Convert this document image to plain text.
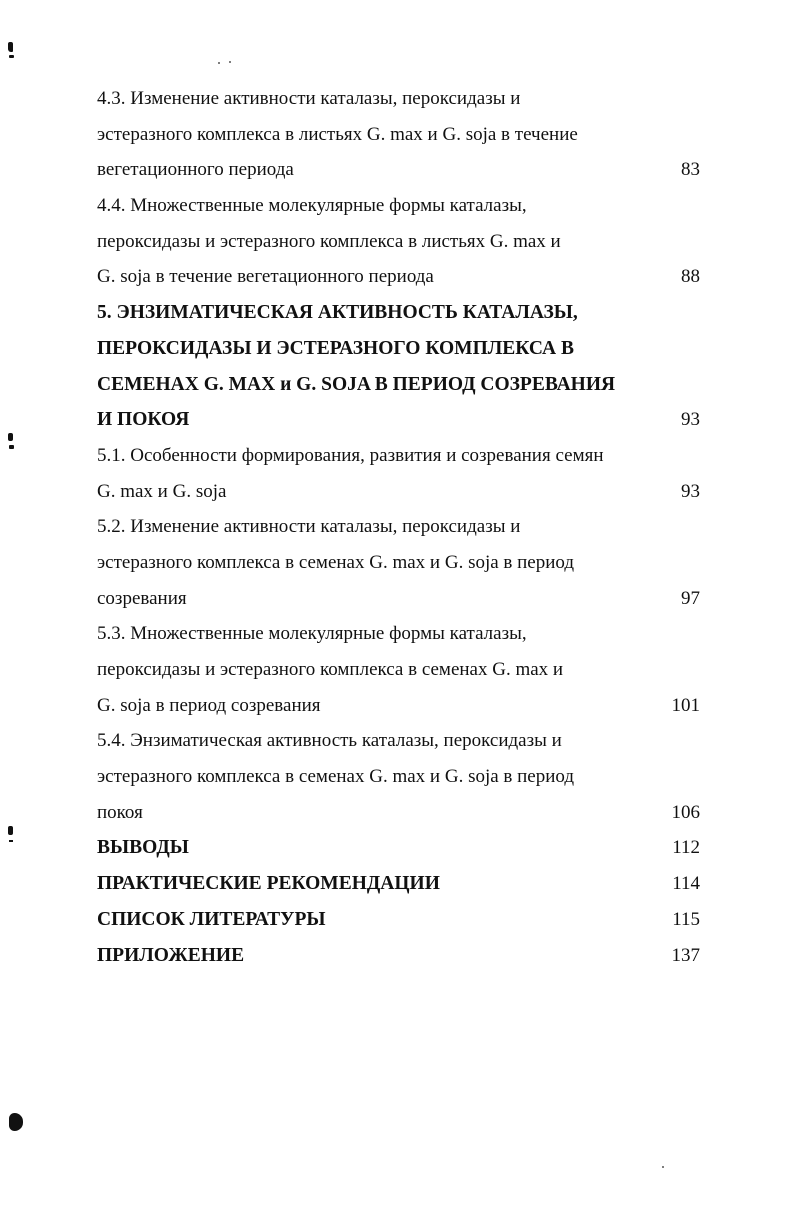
4.3. Изменение активности каталазы, пероксидазы и
эстеразного комплекса в листьях G. max и G. soja в течение
вегетационного периода	83
4.4. Множественные молекулярные формы каталазы,
пероксидазы и эстеразного комплекса в листьях G. max и
G. soja в течение вегетационного периода	88
5. ЭНЗИМАТИЧЕСКАЯ АКТИВНОСТЬ КАТАЛАЗЫ,
ПЕРОКСИДАЗЫ И ЭСТЕРАЗНОГО КОМПЛЕКСА В
СЕМЕНАХ G. MAX и G. SOJA В ПЕРИОД СОЗРЕВАНИЯ
И ПОКОЯ	93
5.1. Особенности формирования, развития и созревания семян
G. max и G. soja	93
5.2. Изменение активности каталазы, пероксидазы и
эстеразного комплекса в семенах G. max и G. soja в период
созревания	97
5.3. Множественные молекулярные формы каталазы,
пероксидазы и эстеразного комплекса в семенах G. max и
G. soja в период созревания	101
5.4. Энзиматическая активность каталазы, пероксидазы и
эстеразного комплекса в семенах G. max и G. soja в период
покоя	106
ВЫВОДЫ	112
ПРАКТИЧЕСКИЕ РЕКОМЕНДАЦИИ	114
СПИСОК ЛИТЕРАТУРЫ	115
ПРИЛОЖЕНИЕ	137
